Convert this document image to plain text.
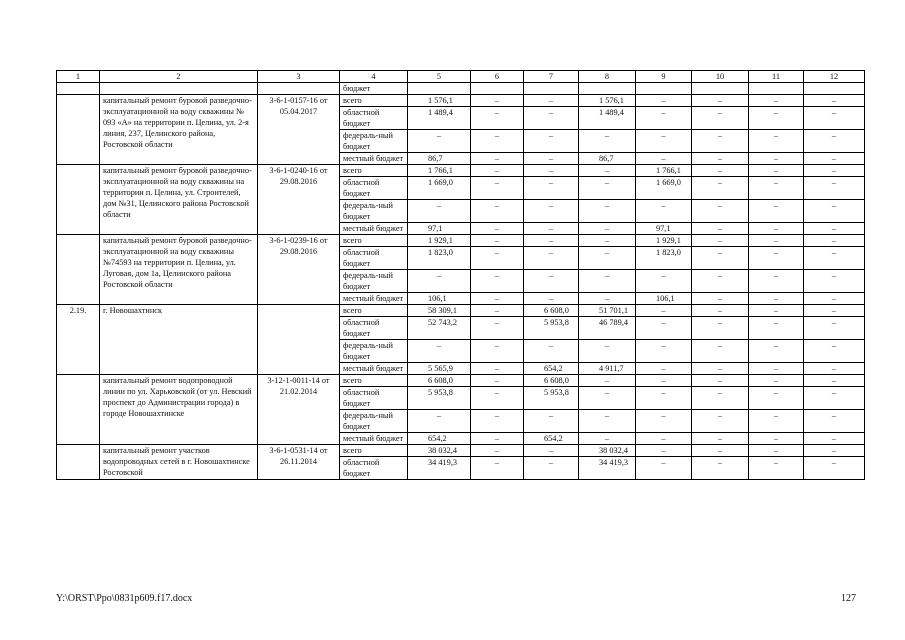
1	2	3	4	5	6	7	8	9	10	11	12
			бюджет								
	капитальный ремонт буровой разведочно-эксплуатационной на воду скважины № 093 «А» на территории п. Целина, ул. 2-я линия, 237, Целинского района, Ростовской области	3-6-1-0157-16 от 05.04.2017	всего	1 576,1	–	–	1 576,1	–	–	–	–
			областной бюджет	1 489,4	–	–	1 489,4	–	–	–	–
			федераль-ный бюджет	–	–	–	–	–	–	–	–
			местный бюджет	86,7	–	–	86,7	–	–	–	–
	капитальный ремонт буровой разведочно-эксплуатационной на воду скважины на территории п. Целина, ул. Строителей, дом №31, Целинского района Ростовской области	3-6-1-0240-16 от 29.08.2016	всего	1 766,1	–	–	–	1 766,1	–	–	–
			областной бюджет	1 669,0	–	–	–	1 669,0	–	–	–
			федераль-ный бюджет	–	–	–	–	–	–	–	–
			местный бюджет	97,1	–	–	–	97,1	–	–	–
	капитальный ремонт буровой разведочно-эксплуатационной на воду скважины №74593 на территории п. Целина, ул. Луговая, дом 1а, Целинского района Ростовской области	3-6-1-0239-16 от 29.08.2016	всего	1 929,1	–	–	–	1 929,1	–	–	–
			областной бюджет	1 823,0	–	–	–	1 823,0	–	–	–
			федераль-ный бюджет	–	–	–	–	–	–	–	–
			местный бюджет	106,1	–	–	–	106,1	–	–	–
2.19.	г. Новошахтинск		всего	58 309,1	–	6 608,0	51 701,1	–	–	–	–
			областной бюджет	52 743,2	–	5 953,8	46 789,4	–	–	–	–
			федераль-ный бюджет	–	–	–	–	–	–	–	–
			местный бюджет	5 565,9	–	654,2	4 911,7	–	–	–	–
	капитальный ремонт водопроводной линии по ул. Харьковской (от ул. Невский проспект до Администрации города) в городе Новошахтинске	3-12-1-0011-14 от 21.02.2014	всего	6 608,0	–	6 608,0	–	–	–	–	–
			областной бюджет	5 953,8	–	5 953,8	–	–	–	–	–
			федераль-ный бюджет	–	–	–	–	–	–	–	–
			местный бюджет	654,2	–	654,2	–	–	–	–	–
	капитальный ремонт участков водопроводных сетей в г. Новошахтинске Ростовской	3-6-1-0531-14 от 26.11.2014	всего	38 032,4	–	–	38 032,4	–	–	–	–
			областной бюджет	34 419,3	–	–	34 419,3	–	–	–	–
Y:\ORST\Ppo\0831p609.f17.docx	127
